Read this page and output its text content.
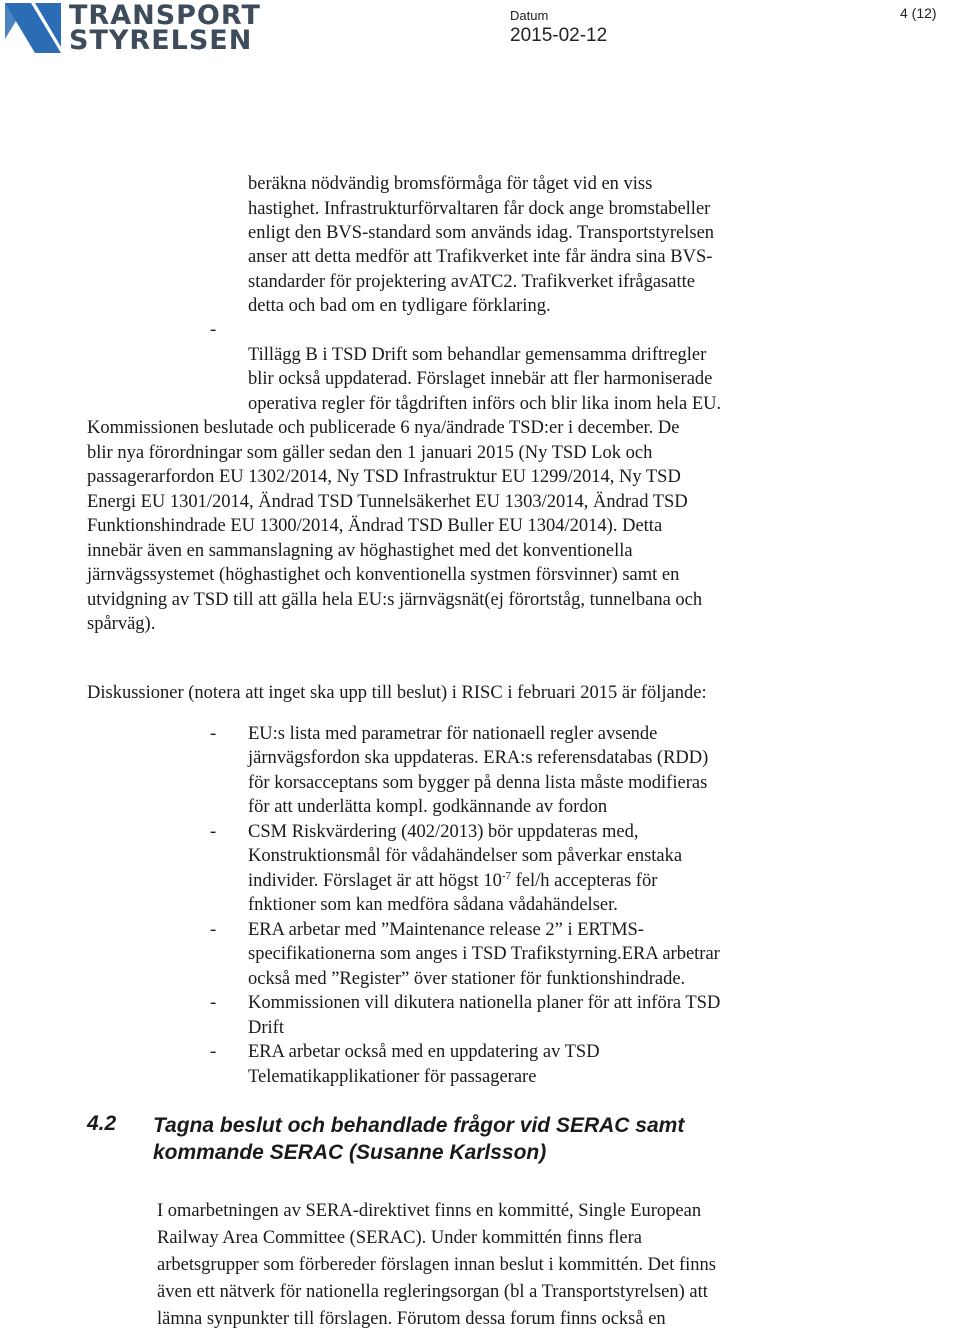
TRANSPORT
STYRELSEN
Datum
2015-02-12
4 (12)
beräkna nödvändig bromsförmåga för tåget vid en viss
hastighet. Infrastrukturförvaltaren får dock ange bromstabeller
enligt den BVS-standard som används idag. Transportstyrelsen
anser att detta medför att Trafikverket inte får ändra sina BVS-
standarder för projektering avATC2. Trafikverket ifrågasatte
detta och bad om en tydligare förklaring.
-
Tillägg B i TSD Drift som behandlar gemensamma driftregler
blir också uppdaterad. Förslaget innebär att fler harmoniserade
operativa regler för tågdriften införs och blir lika inom hela EU.
Kommissionen beslutade och publicerade 6 nya/ändrade TSD:er i december. De
blir nya förordningar som gäller sedan den 1 januari 2015 (Ny TSD Lok och
passagerarfordon EU 1302/2014, Ny TSD Infrastruktur EU 1299/2014, Ny TSD
Energi EU 1301/2014, Ändrad TSD Tunnelsäkerhet EU 1303/2014, Ändrad TSD
Funktionshindrade EU 1300/2014, Ändrad TSD Buller EU 1304/2014). Detta
innebär även en sammanslagning av höghastighet med det konventionella
järnvägssystemet (höghastighet och konventionella systmen försvinner) samt en
utvidgning av TSD till att gälla hela EU:s järnvägsnät(ej förortståg, tunnelbana och
spårväg).
Diskussioner (notera att inget ska upp till beslut) i RISC i februari 2015 är följande:
- EU:s lista med parametrar för nationaell regler avsende
järnvägsfordon ska uppdateras. ERA:s referensdatabas (RDD)
för korsacceptans som bygger på denna lista måste modifieras
för att underlätta kompl. godkännande av fordon
- CSM Riskvärdering (402/2013) bör uppdateras med,
Konstruktionsmål för vådahändelser som påverkar enstaka
individer. Förslaget är att högst $10^{-7}$ fel/h accepteras för
fnktioner som kan medföra sådana vådahändelser.
- ERA arbetar med ”Maintenance release 2” i ERTMS-
specifikationerna som anges i TSD Trafikstyrning.ERA arbetrar
också med ”Register” över stationer för funktionshindrade.
- Kommissionen vill dikutera nationella planer för att införa TSD
Drift
- ERA arbetar också med en uppdatering av TSD
Telematikapplikationer för passagerare
4.2 Tagna beslut och behandlade frågor vid SERAC samt
kommande SERAC (Susanne Karlsson)
I omarbetningen av SERA-direktivet finns en kommitté, Single European
Railway Area Committee (SERAC). Under kommittén finns flera
arbetsgrupper som förbereder förslagen innan beslut i kommittén. Det finns
även ett nätverk för nationella regleringsorgan (bl a Transportstyrelsen) att
lämna synpunkter till förslagen. Förutom dessa forum finns också en
